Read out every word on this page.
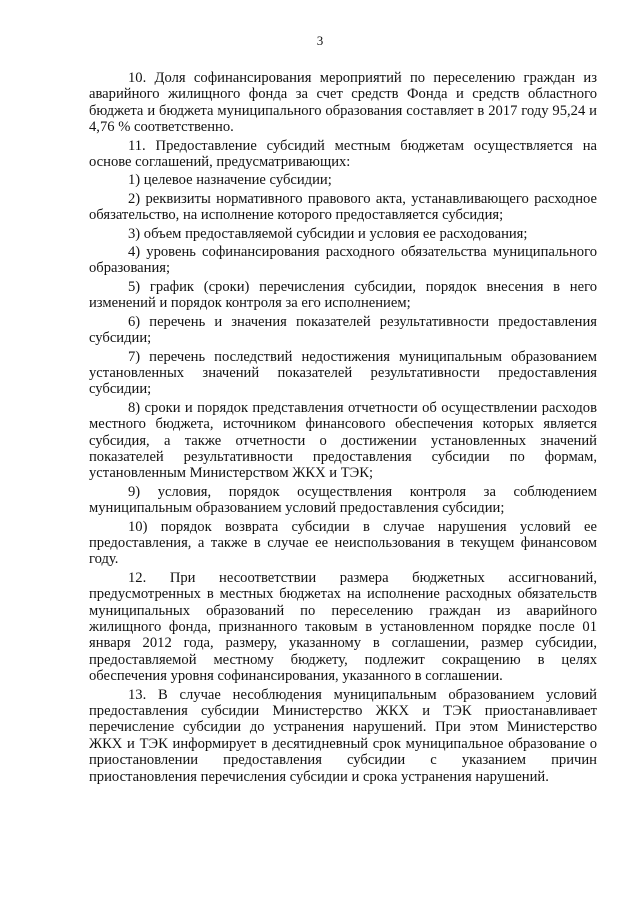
3

10. Доля софинансирования мероприятий по переселению граждан из аварийного жилищного фонда за счет средств Фонда и средств областного бюджета и бюджета муниципального образования составляет в 2017 году 95,24 и 4,76 % соответственно.

11. Предоставление субсидий местным бюджетам осуществляется на основе соглашений, предусматривающих:

1) целевое назначение субсидии;

2) реквизиты нормативного правового акта, устанавливающего расходное обязательство, на исполнение которого предоставляется субсидия;

3) объем предоставляемой субсидии и условия ее расходования;

4) уровень софинансирования расходного обязательства муниципального образования;

5) график (сроки) перечисления субсидии, порядок внесения в него изменений и порядок контроля за его исполнением;

6) перечень и значения показателей результативности предоставления субсидии;

7) перечень последствий недостижения муниципальным образованием установленных значений показателей результативности предоставления субсидии;

8) сроки и порядок представления отчетности об осуществлении расходов местного бюджета, источником финансового обеспечения которых является субсидия, а также отчетности о достижении установленных значений показателей результативности предоставления субсидии по формам, установленным Министерством ЖКХ и ТЭК;

9) условия, порядок осуществления контроля за соблюдением муниципальным образованием условий предоставления субсидии;

10) порядок возврата субсидии в случае нарушения условий ее предоставления, а также в случае ее неиспользования в текущем финансовом году.

12. При несоответствии размера бюджетных ассигнований, предусмотренных в местных бюджетах на исполнение расходных обязательств муниципальных образований по переселению граждан из аварийного жилищного фонда, признанного таковым в установленном порядке после 01 января 2012 года, размеру, указанному в соглашении, размер субсидии, предоставляемой местному бюджету, подлежит сокращению в целях обеспечения уровня софинансирования, указанного в соглашении.

13. В случае несоблюдения муниципальным образованием условий предоставления субсидии Министерство ЖКХ и ТЭК приостанавливает перечисление субсидии до устранения нарушений. При этом Министерство ЖКХ и ТЭК информирует в десятидневный срок муниципальное образование о приостановлении предоставления субсидии с указанием причин приостановления перечисления субсидии и срока устранения нарушений.
